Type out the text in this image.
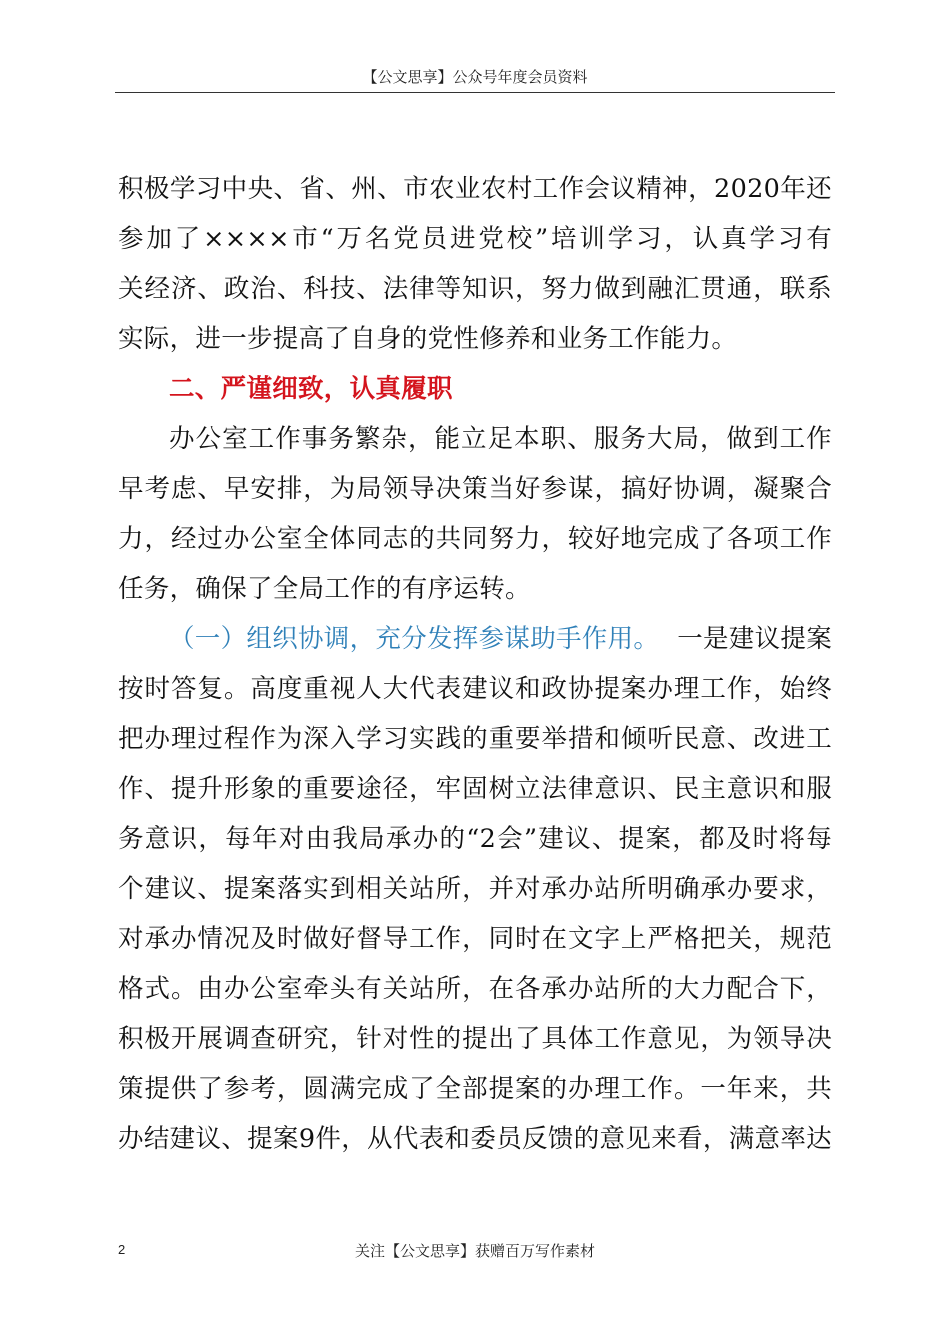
【公文思享】公众号年度会员资料
积极学习中央、省、州、市农业农村工作会议精神，2020年还
参加了××××市“万名党员进党校”培训学习，认真学习有
关经济、政治、科技、法律等知识，努力做到融汇贯通，联系
实际，进一步提高了自身的党性修养和业务工作能力。
二、严谨细致，认真履职
办公室工作事务繁杂，能立足本职、服务大局，做到工作
早考虑、早安排，为局领导决策当好参谋，搞好协调，凝聚合
力，经过办公室全体同志的共同努力，较好地完成了各项工作
任务，确保了全局工作的有序运转。
（一）组织协调，充分发挥参谋助手作用。 一是建议提案
按时答复。高度重视人大代表建议和政协提案办理工作，始终
把办理过程作为深入学习实践的重要举措和倾听民意、改进工
作、提升形象的重要途径，牢固树立法律意识、民主意识和服
务意识，每年对由我局承办的“2会”建议、提案，都及时将每
个建议、提案落实到相关站所，并对承办站所明确承办要求，
对承办情况及时做好督导工作，同时在文字上严格把关，规范
格式。由办公室牵头有关站所，在各承办站所的大力配合下，
积极开展调查研究，针对性的提出了具体工作意见，为领导决
策提供了参考，圆满完成了全部提案的办理工作。一年来，共
办结建议、提案9件，从代表和委员反馈的意见来看，满意率达
2	关注【公文思享】获赠百万写作素材
